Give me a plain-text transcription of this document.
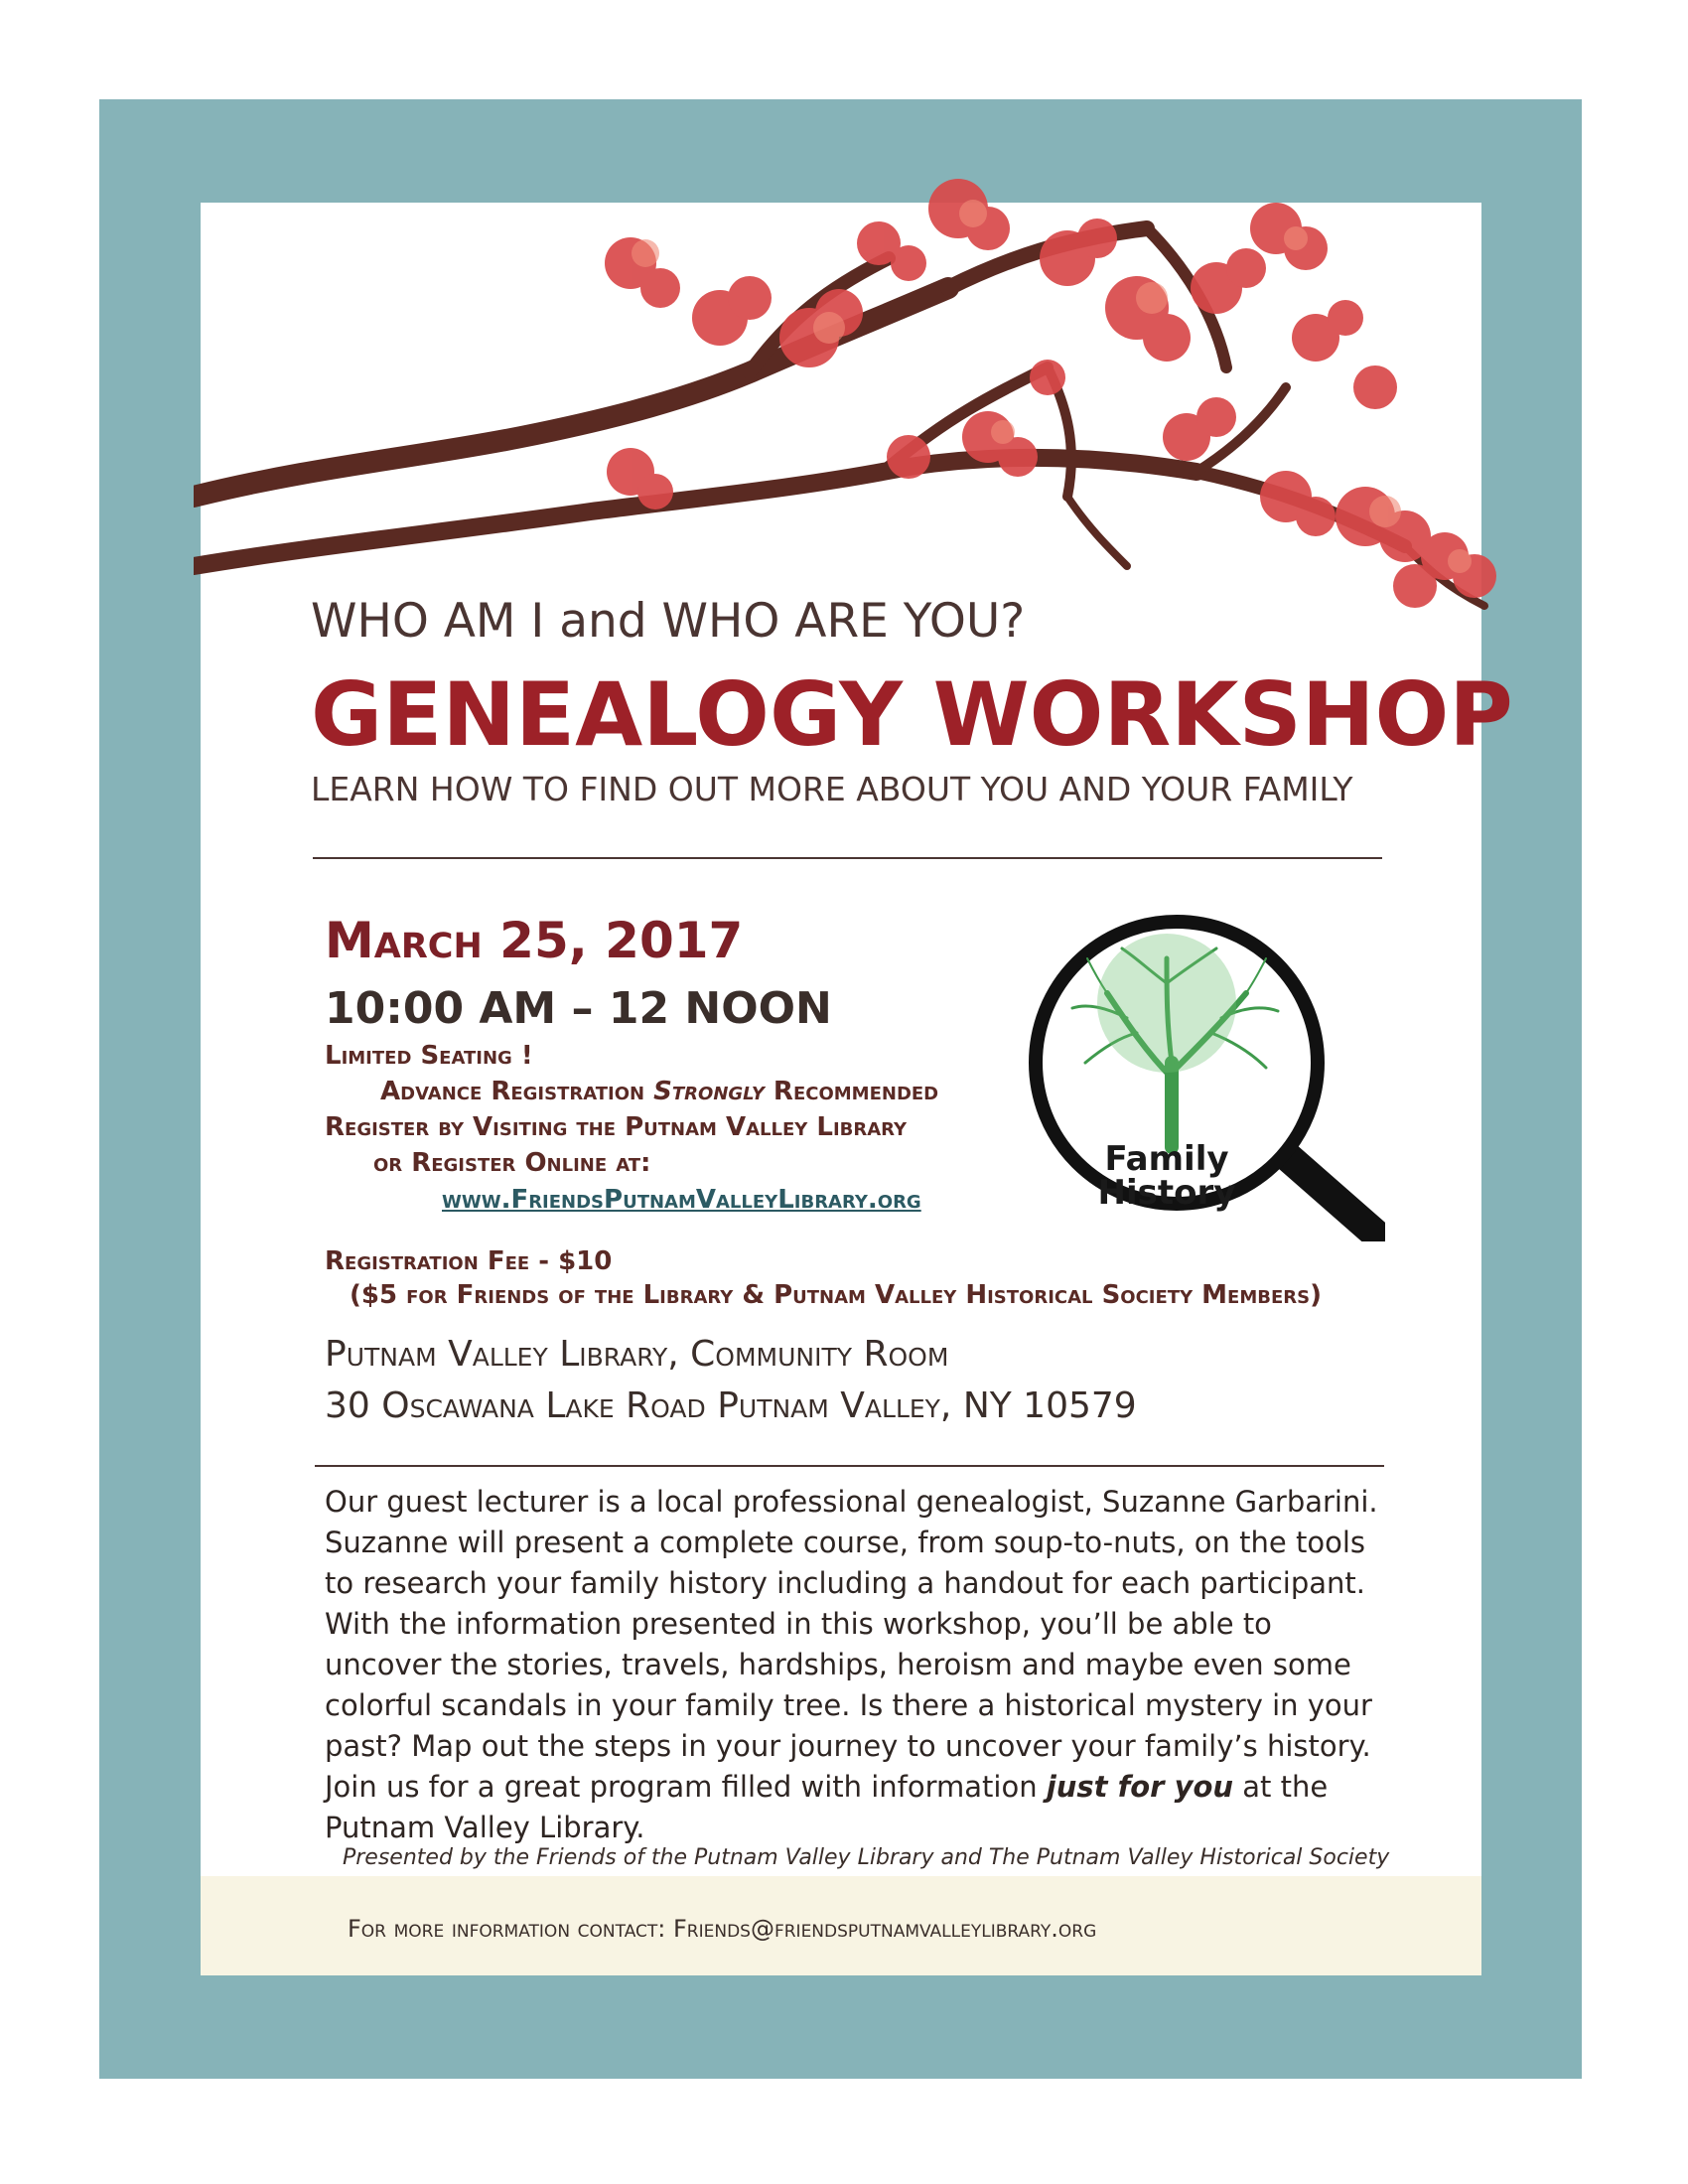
WHO AM I and WHO ARE YOU?
GENEALOGY WORKSHOP
LEARN HOW TO FIND OUT MORE ABOUT YOU AND YOUR FAMILY
March 25, 2017
10:00 AM – 12 NOON
Limited Seating !
Advance Registration Strongly Recommended
Register by Visiting the Putnam Valley Library
or Register Online at:
www.FriendsPutnamValleyLibrary.org
Registration Fee - $10
($5 for Friends of the Library & Putnam Valley Historical Society Members)
Family
History
Putnam Valley Library, Community Room
30 Oscawana Lake Road Putnam Valley, NY 10579
Our guest lecturer is a local professional genealogist, Suzanne Garbarini. Suzanne will present a complete course, from soup-to-nuts, on the tools to research your family history including a handout for each participant. With the information presented in this workshop, you’ll be able to uncover the stories, travels, hardships, heroism and maybe even some colorful scandals in your family tree. Is there a historical mystery in your past? Map out the steps in your journey to uncover your family’s history. Join us for a great program filled with information just for you at the Putnam Valley Library.
Presented by the Friends of the Putnam Valley Library and The Putnam Valley Historical Society
For more information contact: Friends@friendsputnamvalleylibrary.org
